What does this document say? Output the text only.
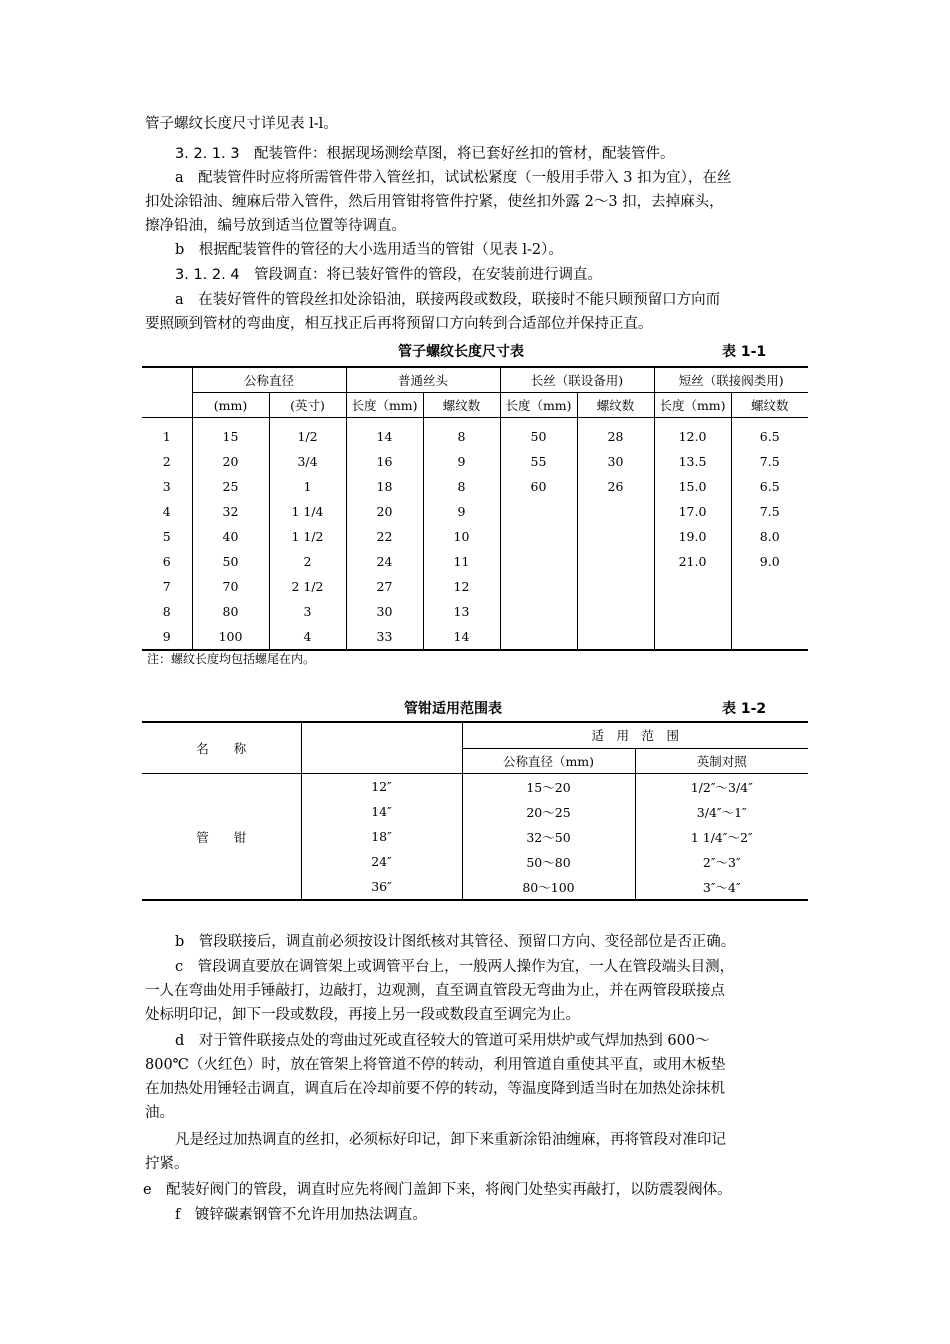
管子螺纹长度尺寸详见表 l-l。

3. 2. 1. 3　 配装管件：根据现场测绘草图，将已套好丝扣的管材，配装管件。

a　配装管件时应将所需管件带入管丝扣，试试松紧度（一般用手带入 3 扣为宜），在丝

扣处涂铅油、缠麻后带入管件，然后用管钳将管件拧紧，使丝扣外露 2～3 扣，去掉麻头，

擦净铅油，编号放到适当位置等待调直。

b　根据配装管件的管径的大小选用适当的管钳（见表 l-2）。

3. 1. 2. 4　 管段调直：将已装好管件的管段，在安装前进行调直。

a　在装好管件的管段丝扣处涂铅油，联接两段或数段，联接时不能只顾预留口方向而

要照顾到管材的弯曲度，相互找正后再将预留口方向转到合适部位并保持正直。

管子螺纹长度尺寸表	表 1-1
	公称直径		普通丝头		长丝（联设备用)		短丝（联接阀类用)	
	(mm)	(英寸)	长度（mm)	螺纹数	长度（mm)	螺纹数	长度（mm)	螺纹数
1	15	1/2	14	8	50	28	12.0	6.5
2	20	3/4	16	9	55	30	13.5	7.5
3	25	1	18	8	60	26	15.0	6.5
4	32	1 1/4	20	9			17.0	7.5
5	40	1 1/2	22	10			19.0	8.0
6	50	2	24	11			21.0	9.0
7	70	2 1/2	27	12				
8	80	3	30	13				
9	100	4	33	14				
注：螺纹长度均包括螺尾在内。
管钳适用范围表	表 1-2
名　　称		适　用　范　围	
		公称直径（mm)	英制对照
管　　钳	12″	15～20	1/2″～3/4″
	14″	20～25	3/4″～1″
	18″	32～50	1 1/4″～2″
	24″	50～80	2″～3″
	36″	80～100	3″～4″

b　管段联接后，调直前必须按设计图纸核对其管径、预留口方向、变径部位是否正确。

c　管段调直要放在调管架上或调管平台上，一般两人操作为宜，一人在管段端头目测，

一人在弯曲处用手锤敲打，边敲打，边观测，直至调直管段无弯曲为止，并在两管段联接点

处标明印记，卸下一段或数段，再接上另一段或数段直至调完为止。

d　对于管件联接点处的弯曲过死或直径较大的管道可采用烘炉或气焊加热到 600～

800℃（火红色）时，放在管架上将管道不停的转动，利用管道自重使其平直，或用木板垫

在加热处用锤轻击调直，调直后在冷却前要不停的转动，等温度降到适当时在加热处涂抹机

油。

凡是经过加热调直的丝扣，必须标好印记，卸下来重新涂铅油缠麻，再将管段对准印记

拧紧。

e　配装好阀门的管段，调直时应先将阀门盖卸下来，将阀门处垫实再敲打，以防震裂阀体。

f　镀锌碳素钢管不允许用加热法调直。
